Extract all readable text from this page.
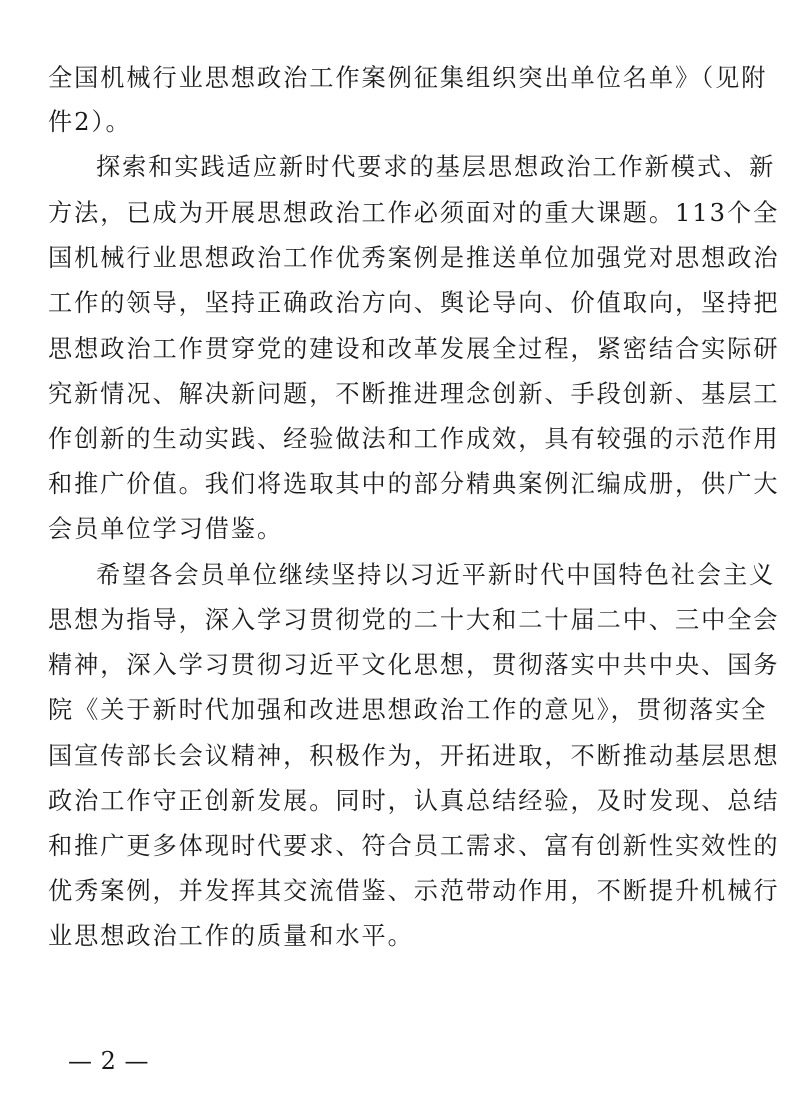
全国机械行业思想政治工作案例征集组织突出单位名单》（见附
件2）。
探索和实践适应新时代要求的基层思想政治工作新模式、新
方法，已成为开展思想政治工作必须面对的重大课题。113个全
国机械行业思想政治工作优秀案例是推送单位加强党对思想政治
工作的领导，坚持正确政治方向、舆论导向、价值取向，坚持把
思想政治工作贯穿党的建设和改革发展全过程，紧密结合实际研
究新情况、解决新问题，不断推进理念创新、手段创新、基层工
作创新的生动实践、经验做法和工作成效，具有较强的示范作用
和推广价值。我们将选取其中的部分精典案例汇编成册，供广大
会员单位学习借鉴。
希望各会员单位继续坚持以习近平新时代中国特色社会主义
思想为指导，深入学习贯彻党的二十大和二十届二中、三中全会
精神，深入学习贯彻习近平文化思想，贯彻落实中共中央、国务
院《关于新时代加强和改进思想政治工作的意见》，贯彻落实全
国宣传部长会议精神，积极作为，开拓进取，不断推动基层思想
政治工作守正创新发展。同时，认真总结经验，及时发现、总结
和推广更多体现时代要求、符合员工需求、富有创新性实效性的
优秀案例，并发挥其交流借鉴、示范带动作用，不断提升机械行
业思想政治工作的质量和水平。
— 2 —
